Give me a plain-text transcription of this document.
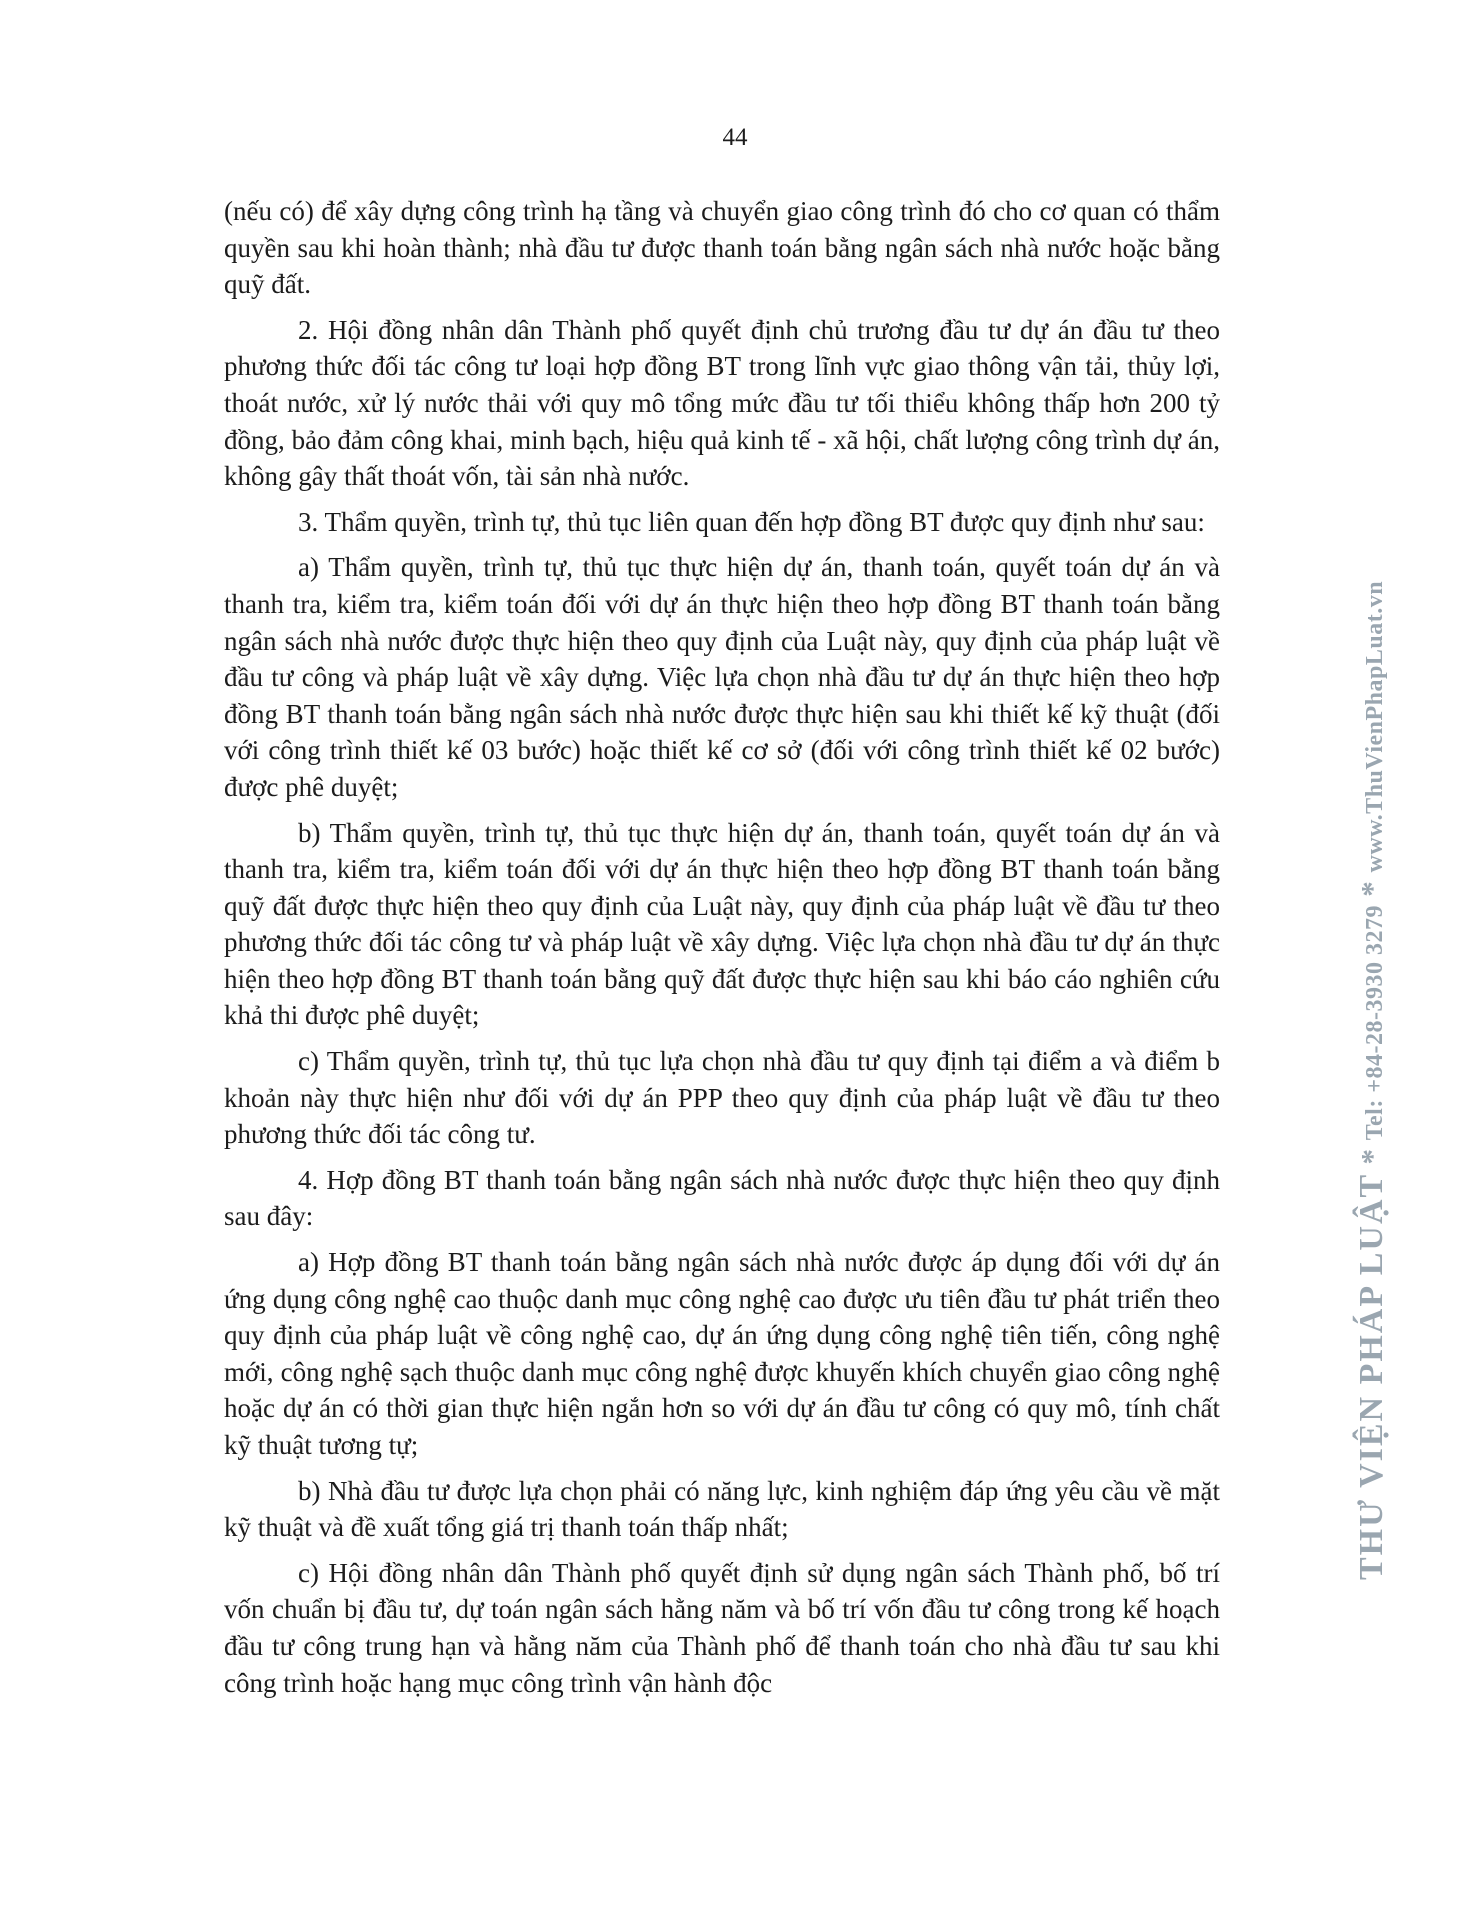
44

(nếu có) để xây dựng công trình hạ tầng và chuyển giao công trình đó cho cơ quan có thẩm quyền sau khi hoàn thành; nhà đầu tư được thanh toán bằng ngân sách nhà nước hoặc bằng quỹ đất.

2. Hội đồng nhân dân Thành phố quyết định chủ trương đầu tư dự án đầu tư theo phương thức đối tác công tư loại hợp đồng BT trong lĩnh vực giao thông vận tải, thủy lợi, thoát nước, xử lý nước thải với quy mô tổng mức đầu tư tối thiểu không thấp hơn 200 tỷ đồng, bảo đảm công khai, minh bạch, hiệu quả kinh tế - xã hội, chất lượng công trình dự án, không gây thất thoát vốn, tài sản nhà nước.

3. Thẩm quyền, trình tự, thủ tục liên quan đến hợp đồng BT được quy định như sau:

a) Thẩm quyền, trình tự, thủ tục thực hiện dự án, thanh toán, quyết toán dự án và thanh tra, kiểm tra, kiểm toán đối với dự án thực hiện theo hợp đồng BT thanh toán bằng ngân sách nhà nước được thực hiện theo quy định của Luật này, quy định của pháp luật về đầu tư công và pháp luật về xây dựng. Việc lựa chọn nhà đầu tư dự án thực hiện theo hợp đồng BT thanh toán bằng ngân sách nhà nước được thực hiện sau khi thiết kế kỹ thuật (đối với công trình thiết kế 03 bước) hoặc thiết kế cơ sở (đối với công trình thiết kế 02 bước) được phê duyệt;

b) Thẩm quyền, trình tự, thủ tục thực hiện dự án, thanh toán, quyết toán dự án và thanh tra, kiểm tra, kiểm toán đối với dự án thực hiện theo hợp đồng BT thanh toán bằng quỹ đất được thực hiện theo quy định của Luật này, quy định của pháp luật về đầu tư theo phương thức đối tác công tư và pháp luật về xây dựng. Việc lựa chọn nhà đầu tư dự án thực hiện theo hợp đồng BT thanh toán bằng quỹ đất được thực hiện sau khi báo cáo nghiên cứu khả thi được phê duyệt;

c) Thẩm quyền, trình tự, thủ tục lựa chọn nhà đầu tư quy định tại điểm a và điểm b khoản này thực hiện như đối với dự án PPP theo quy định của pháp luật về đầu tư theo phương thức đối tác công tư.

4. Hợp đồng BT thanh toán bằng ngân sách nhà nước được thực hiện theo quy định sau đây:

a) Hợp đồng BT thanh toán bằng ngân sách nhà nước được áp dụng đối với dự án ứng dụng công nghệ cao thuộc danh mục công nghệ cao được ưu tiên đầu tư phát triển theo quy định của pháp luật về công nghệ cao, dự án ứng dụng công nghệ tiên tiến, công nghệ mới, công nghệ sạch thuộc danh mục công nghệ được khuyến khích chuyển giao công nghệ hoặc dự án có thời gian thực hiện ngắn hơn so với dự án đầu tư công có quy mô, tính chất kỹ thuật tương tự;

b) Nhà đầu tư được lựa chọn phải có năng lực, kinh nghiệm đáp ứng yêu cầu về mặt kỹ thuật và đề xuất tổng giá trị thanh toán thấp nhất;

c) Hội đồng nhân dân Thành phố quyết định sử dụng ngân sách Thành phố, bố trí vốn chuẩn bị đầu tư, dự toán ngân sách hằng năm và bố trí vốn đầu tư công trong kế hoạch đầu tư công trung hạn và hằng năm của Thành phố để thanh toán cho nhà đầu tư sau khi công trình hoặc hạng mục công trình vận hành độc

THƯ VIỆN PHÁP LUẬT * Tel: +84-28-3930 3279 * www.ThuVienPhapLuat.vn
